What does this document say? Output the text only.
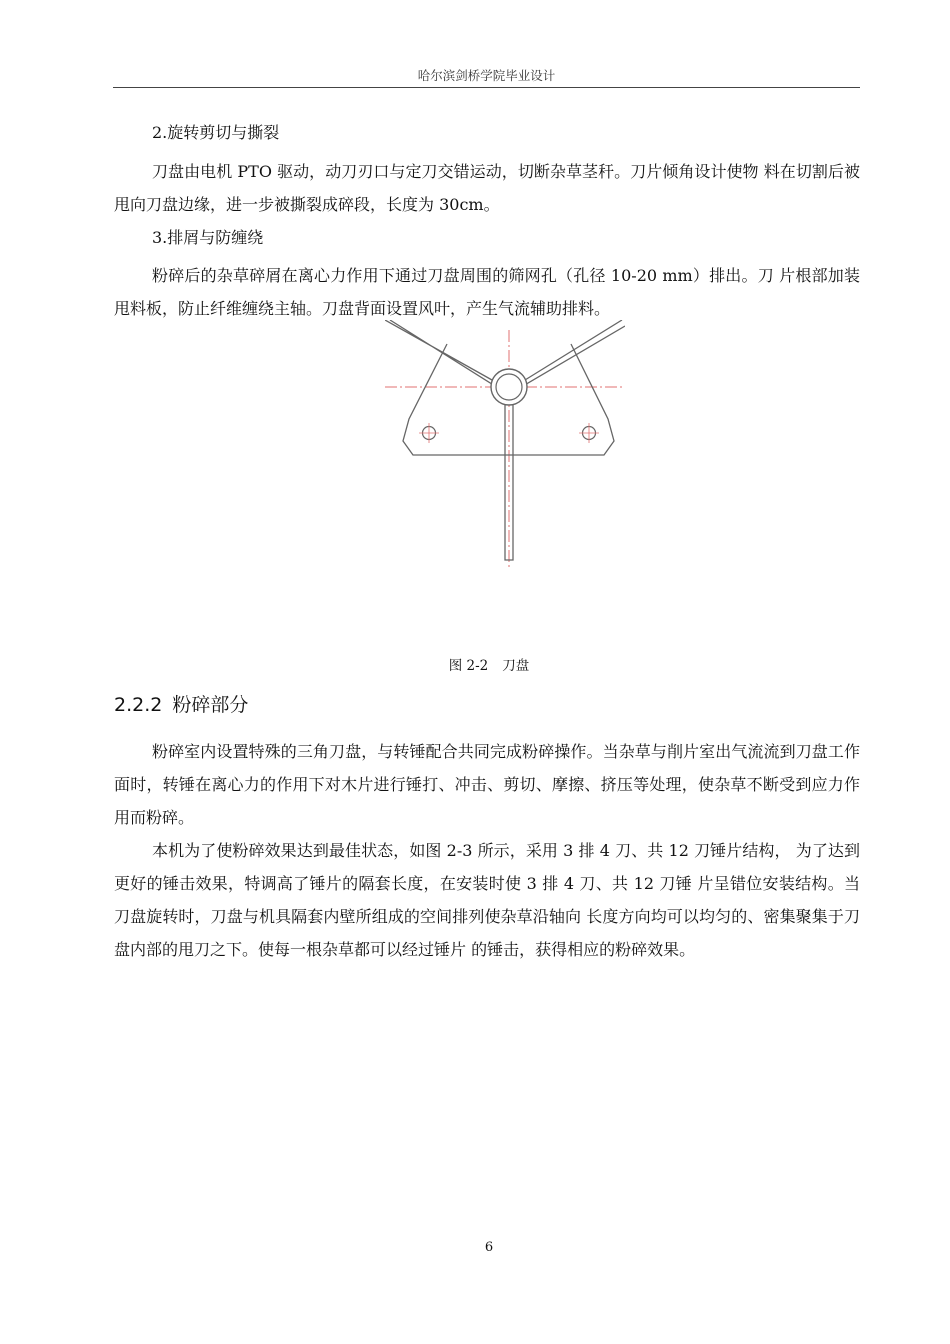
哈尔滨剑桥学院毕业设计
2.旋转剪切与撕裂

刀盘由电机 PTO 驱动，动刀刃口与定刀交错运动，切断杂草茎秆。刀片倾角设计使物 料在切割后被甩向刀盘边缘，进一步被撕裂成碎段，长度为 30cm。

3.排屑与防缠绕

粉碎后的杂草碎屑在离心力作用下通过刀盘周围的筛网孔（孔径 10-20 mm）排出。刀 片根部加装甩料板，防止纤维缠绕主轴。刀盘背面设置风叶，产生气流辅助排料。

图 2-2 刀盘
2.2.2 粉碎部分

粉碎室内设置特殊的三角刀盘，与转锤配合共同完成粉碎操作。当杂草与削片室出气流流到刀盘工作面时，转锤在离心力的作用下对木片进行锤打、冲击、剪切、摩擦、挤压等处理，使杂草不断受到应力作用而粉碎。

本机为了使粉碎效果达到最佳状态，如图 2-3 所示，采用 3 排 4 刀、共 12 刀锤片结构， 为了达到更好的锤击效果，特调高了锤片的隔套长度，在安装时使 3 排 4 刀、共 12 刀锤 片呈错位安装结构。当刀盘旋转时，刀盘与机具隔套内壁所组成的空间排列使杂草沿轴向 长度方向均可以均匀的、密集聚集于刀盘内部的甩刀之下。使每一根杂草都可以经过锤片 的锤击，获得相应的粉碎效果。

6
